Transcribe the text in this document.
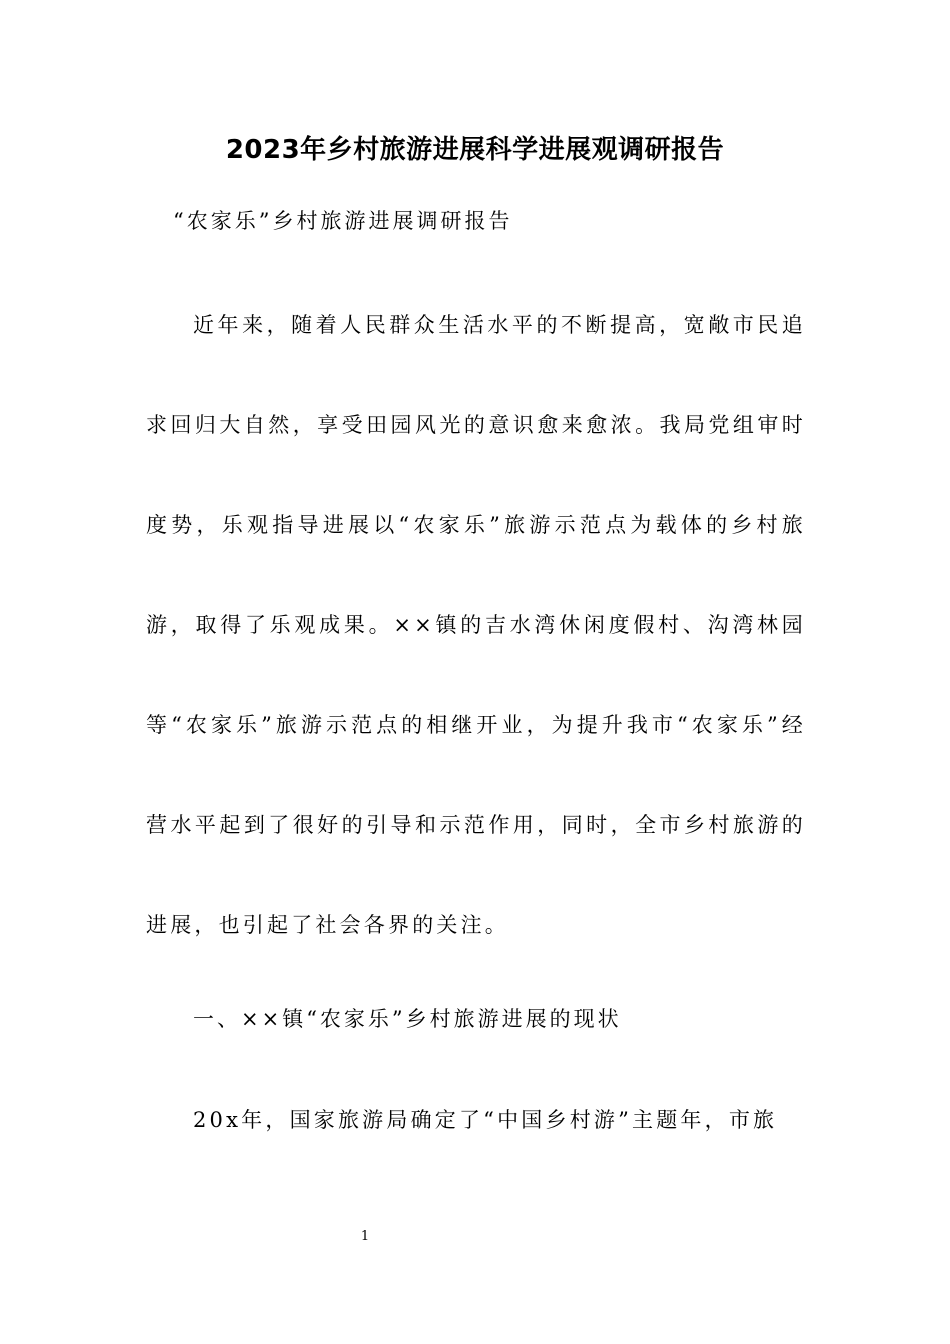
2023年乡村旅游进展科学进展观调研报告
“农家乐”乡村旅游进展调研报告

近年来，随着人民群众生活水平的不断提高，宽敞市民追求回归大自然，享受田园风光的意识愈来愈浓。我局党组审时度势，乐观指导进展以“农家乐”旅游示范点为载体的乡村旅游，取得了乐观成果。××镇的吉水湾休闲度假村、沟湾林园等“农家乐”旅游示范点的相继开业，为提升我市“农家乐”经营水平起到了很好的引导和示范作用，同时，全市乡村旅游的进展，也引起了社会各界的关注。

一、××镇“农家乐”乡村旅游进展的现状

20x年，国家旅游局确定了“中国乡村游”主题年，市旅

1
